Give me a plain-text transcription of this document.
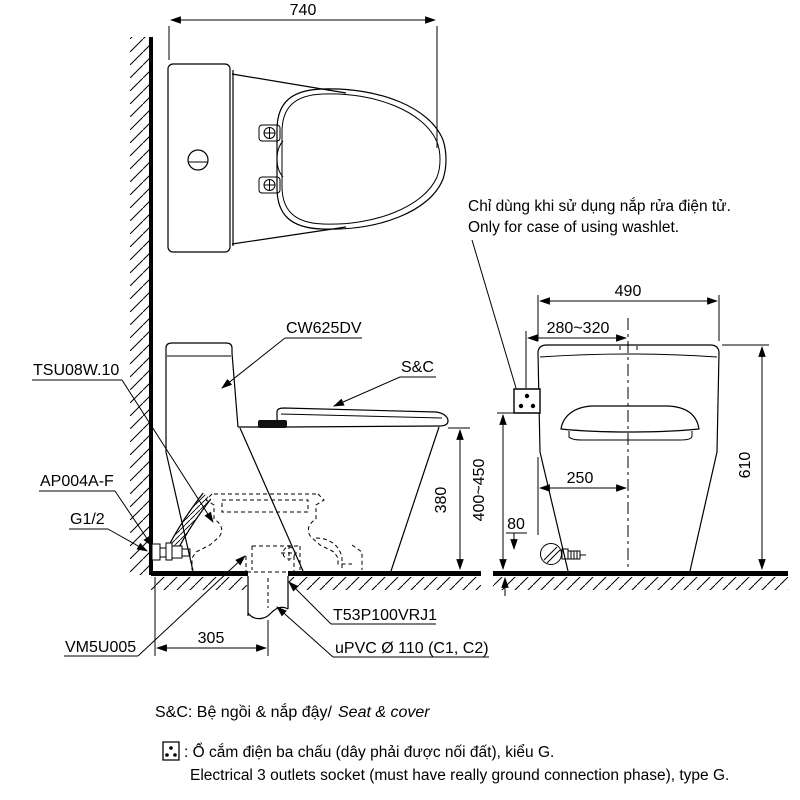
740
Chỉ dùng khi sử dụng nắp rửa điện tử.
Only for case of using washlet.
380
305
CW625DV
S&C
TSU08W.10
AP004A-F
G1/2
VM5U005
T53P100VRJ1
uPVC Ø 110 (C1, C2)
490
280~320
610
400~450	250
80
S&C: Bệ ngồi & nắp đậy/ Seat & cover
: Ổ cắm điện ba chấu (dây phải được nối đất), kiểu G.
Electrical 3 outlets socket (must have really ground connection phase), type G.
